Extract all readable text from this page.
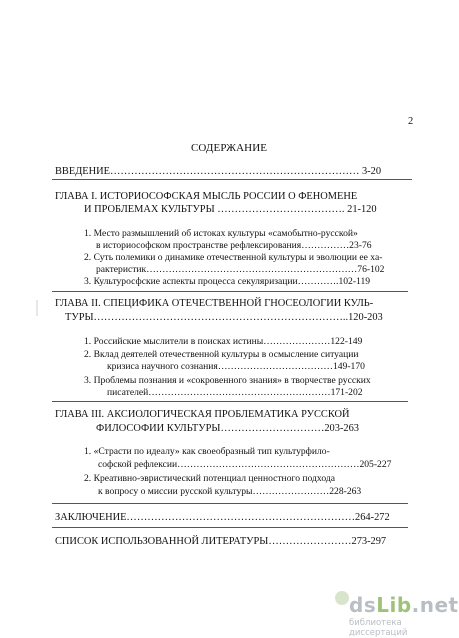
2
СОДЕРЖАНИЕ
ВВЕДЕНИЕ……………………………………………………………… 3-20
ГЛАВА I. ИСТОРИОСОФСКАЯ МЫСЛЬ РОССИИ О ФЕНОМЕНЕ
И ПРОБЛЕМАХ КУЛЬТУРЫ ………………………………. 21-120
1. Место размышлений об истоках культуры «самобытно-русской»
в историософском пространстве рефлексирования……………23-76
2. Суть полемики о динамике отечественной культуры и эволюции ее ха-
рактеристик…………………………………………………………76-102
3. Культуросфские аспекты процесса секуляризации………….102-119
ГЛАВА II. СПЕЦИФИКА ОТЕЧЕСТВЕННОЙ ГНОСЕОЛОГИИ КУЛЬ-
ТУРЫ………………………………………………………………..120-203
1. Российские мыслители в поисках истины…………………122-149
2. Вклад деятелей отечественной культуры в осмысление ситуации
кризиса научного сознания………………………………149-170
3. Проблемы познания и «сокровенного знания» в творчестве русских
писателей…………………………………………………171-202
ГЛАВА III. АКСИОЛОГИЧЕСКАЯ ПРОБЛЕМАТИКА РУССКОЙ
ФИЛОСОФИИ КУЛЬТУРЫ…………………………203-263
1. «Страсти по идеалу» как своеобразный тип культурфило-
софской рефлексии…………………………………………………205-227
2. Креативно-эвристический потенциал ценностного подхода
к вопросу о миссии русской культуры……………………228-263
ЗАКЛЮЧЕНИЕ…………………………………………………………264-272
СПИСОК ИСПОЛЬЗОВАННОЙ ЛИТЕРАТУРЫ……………………273-297
dsLib.net
библиотека диссертаций
